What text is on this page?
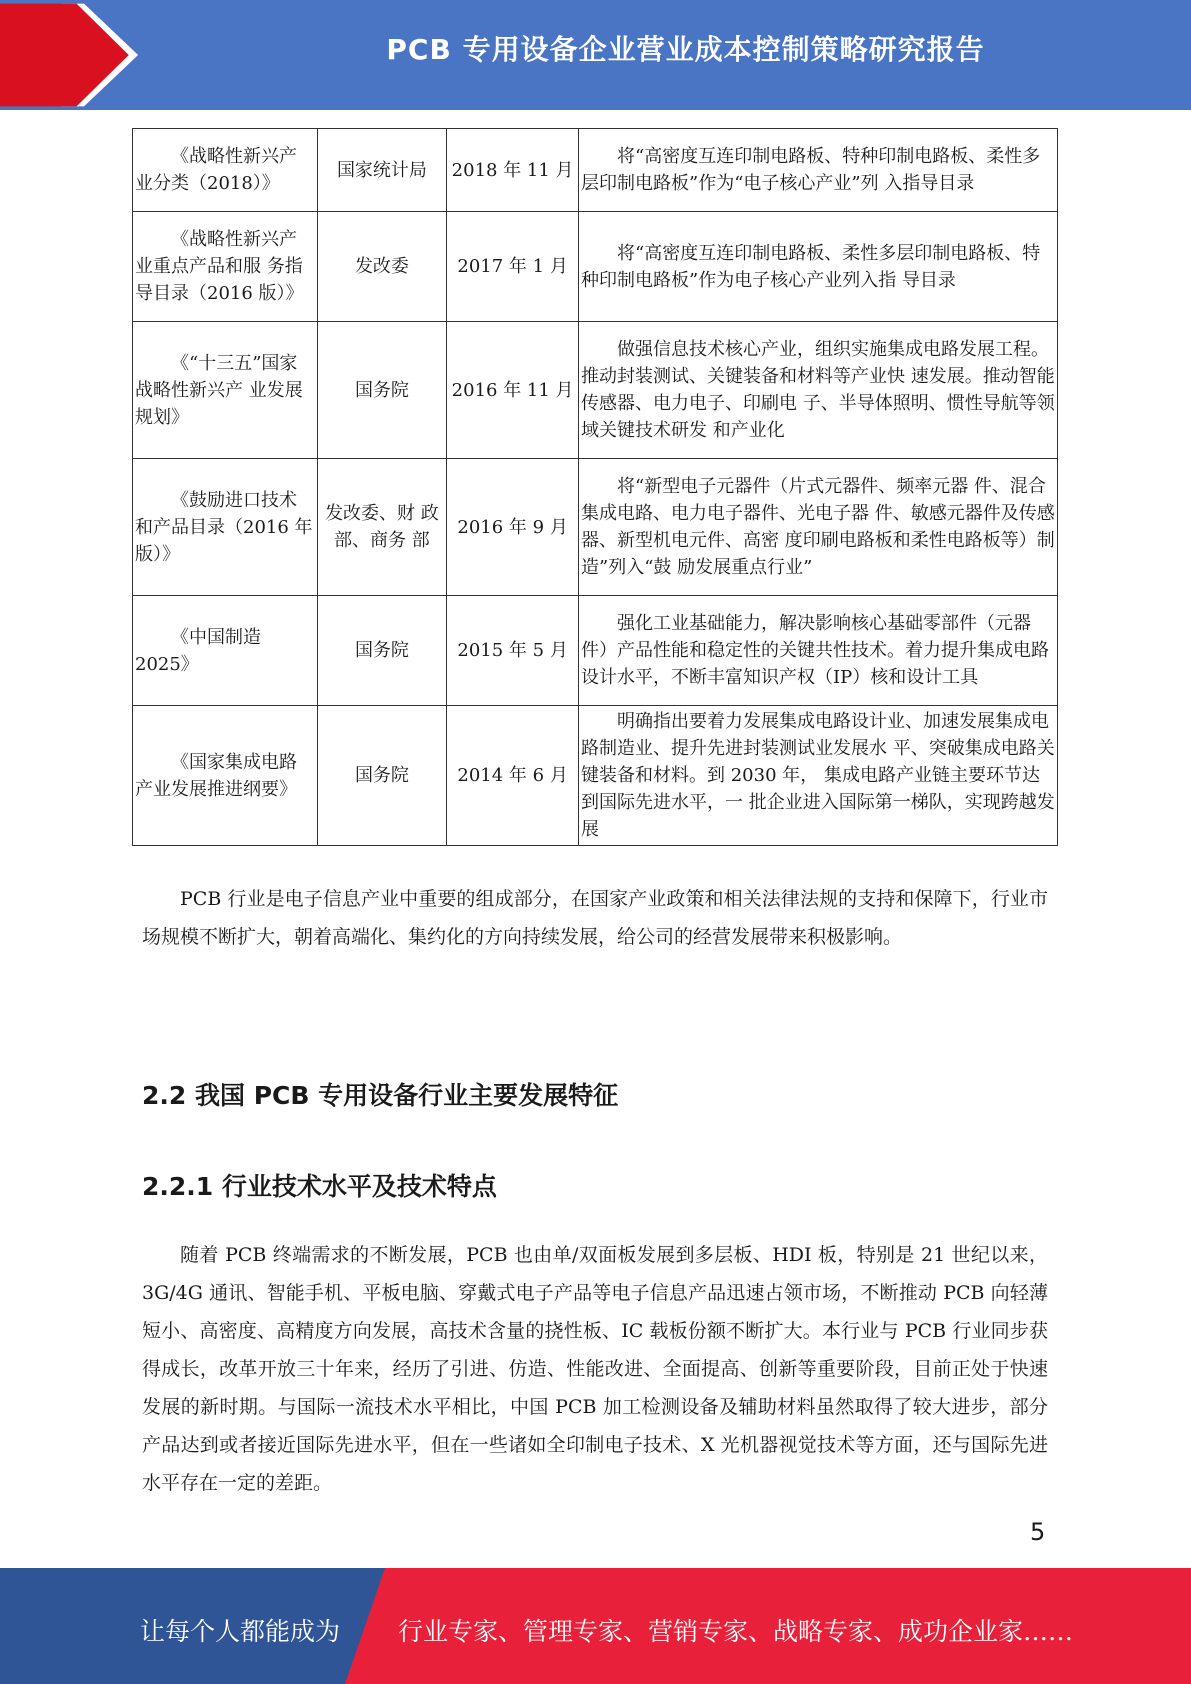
PCB 专用设备企业营业成本控制策略研究报告
《战略性新兴产业分类（2018）》	国家统计局	2018 年 11 月	将“高密度互连印制电路板、特种印制电路板、柔性多层印制电路板”作为“电子核心产业”列 入指导目录
《战略性新兴产业重点产品和服 务指导目录（2016 版）》	发改委	2017 年 1 月	将“高密度互连印制电路板、柔性多层印制电路板、特种印制电路板”作为电子核心产业列入指 导目录
《“十三五”国家战略性新兴产 业发展规划》	国务院	2016 年 11 月	做强信息技术核心产业，组织实施集成电路发展工程。推动封装测试、关键装备和材料等产业快 速发展。推动智能传感器、电力电子、印刷电 子、半导体照明、惯性导航等领域关键技术研发 和产业化
《鼓励进口技术和产品目录（2016 年版）》	发改委、财 政部、商务 部	2016 年 9 月	将“新型电子元器件（片式元器件、频率元器 件、混合集成电路、电力电子器件、光电子器 件、敏感元器件及传感器、新型机电元件、高密 度印刷电路板和柔性电路板等）制造”列入“鼓 励发展重点行业”
《中国制造 2025》	国务院	2015 年 5 月	强化工业基础能力，解决影响核心基础零部件（元器件）产品性能和稳定性的关键共性技术。着力提升集成电路设计水平，不断丰富知识产权（IP）核和设计工具
《国家集成电路产业发展推进纲要》	国务院	2014 年 6 月	明确指出要着力发展集成电路设计业、加速发展集成电路制造业、提升先进封装测试业发展水 平、突破集成电路关键装备和材料。到 2030 年， 集成电路产业链主要环节达到国际先进水平，一 批企业进入国际第一梯队，实现跨越发展

PCB 行业是电子信息产业中重要的组成部分，在国家产业政策和相关法律法规的支持和保障下，行业市场规模不断扩大，朝着高端化、集约化的方向持续发展，给公司的经营发展带来积极影响。

2.2 我国 PCB 专用设备行业主要发展特征
2.2.1 行业技术水平及技术特点

随着 PCB 终端需求的不断发展，PCB 也由单/双面板发展到多层板、HDI 板，特别是 21 世纪以来，3G/4G 通讯、智能手机、平板电脑、穿戴式电子产品等电子信息产品迅速占领市场，不断推动 PCB 向轻薄短小、高密度、高精度方向发展，高技术含量的挠性板、IC 载板份额不断扩大。本行业与 PCB 行业同步获得成长，改革开放三十年来，经历了引进、仿造、性能改进、全面提高、创新等重要阶段，目前正处于快速发展的新时期。与国际一流技术水平相比，中国 PCB 加工检测设备及辅助材料虽然取得了较大进步，部分产品达到或者接近国际先进水平，但在一些诸如全印制电子技术、X 光机器视觉技术等方面，还与国际先进水平存在一定的差距。

5
让每个人都能成为 行业专家、管理专家、营销专家、战略专家、成功企业家……
